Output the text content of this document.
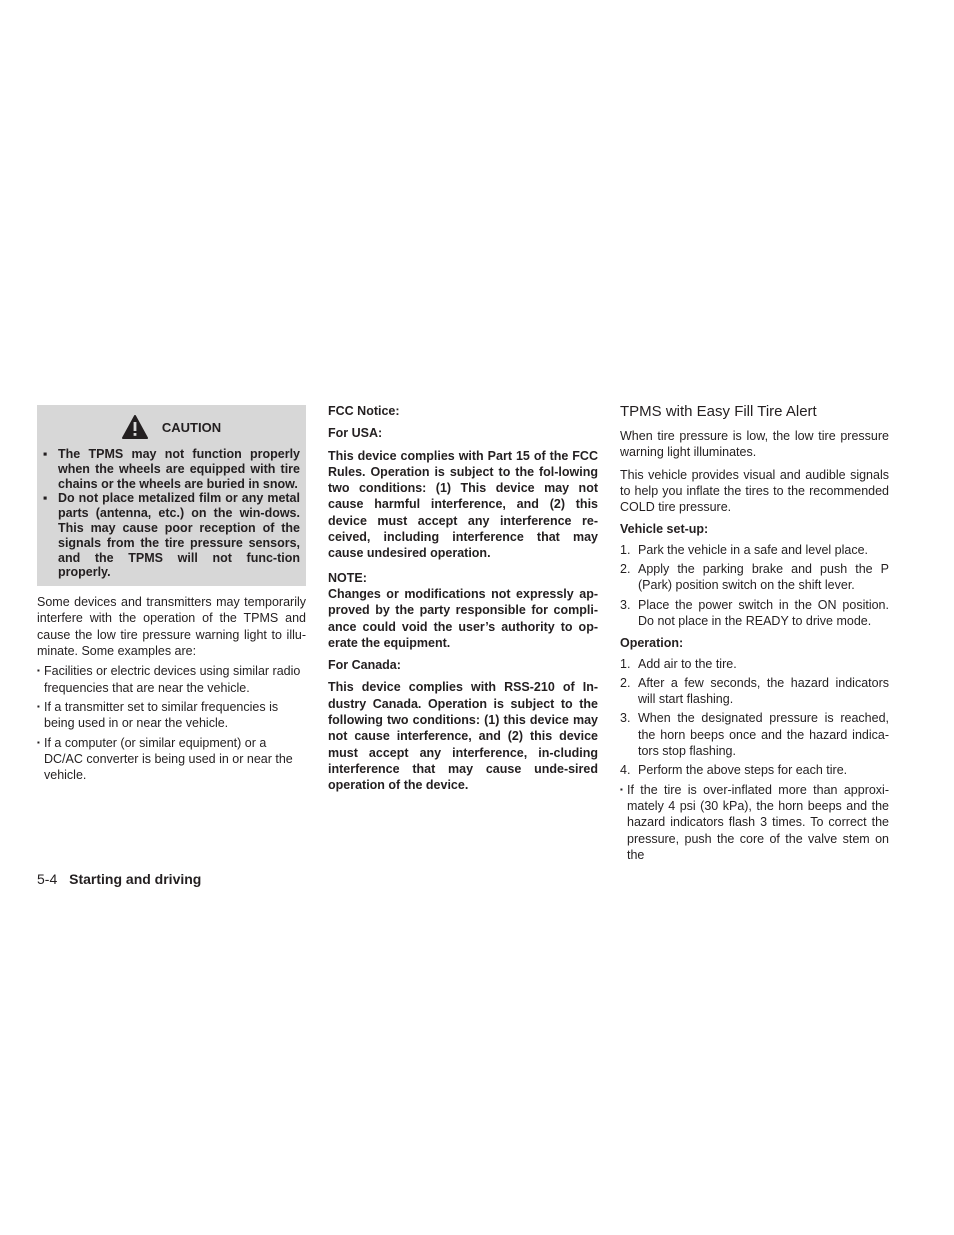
CAUTION
▪ The TPMS may not function properly when the wheels are equipped with tire chains or the wheels are buried in snow.
▪ Do not place metalized film or any metal parts (antenna, etc.) on the win-dows. This may cause poor reception of the signals from the tire pressure sensors, and the TPMS will not func-tion properly.

Some devices and transmitters may temporarily interfere with the operation of the TPMS and cause the low tire pressure warning light to illu-minate. Some examples are:

▪ Facilities or electric devices using similar radio frequencies that are near the vehicle.
▪ If a transmitter set to similar frequencies is being used in or near the vehicle.
▪ If a computer (or similar equipment) or a DC/AC converter is being used in or near the vehicle.

FCC Notice:

For USA:

This device complies with Part 15 of the FCC Rules. Operation is subject to the fol-lowing two conditions: (1) This device may not cause harmful interference, and (2) this device must accept any interference re-ceived, including interference that may cause undesired operation.

NOTE:

Changes or modifications not expressly ap-proved by the party responsible for compli-ance could void the user’s authority to op-erate the equipment.

For Canada:

This device complies with RSS-210 of In-dustry Canada. Operation is subject to the following two conditions: (1) this device may not cause interference, and (2) this device must accept any interference, in-cluding interference that may cause unde-sired operation of the device.

TPMS with Easy Fill Tire Alert

When tire pressure is low, the low tire pressure warning light illuminates.

This vehicle provides visual and audible signals to help you inflate the tires to the recommended COLD tire pressure.

Vehicle set-up:

1. Park the vehicle in a safe and level place.
2. Apply the parking brake and push the P (Park) position switch on the shift lever.
3. Place the power switch in the ON position. Do not place in the READY to drive mode.

Operation:

1. Add air to the tire.
2. After a few seconds, the hazard indicators will start flashing.
3. When the designated pressure is reached, the horn beeps once and the hazard indica-tors stop flashing.
4. Perform the above steps for each tire.
▪ If the tire is over-inflated more than approxi-mately 4 psi (30 kPa), the horn beeps and the hazard indicators flash 3 times. To correct the pressure, push the core of the valve stem on the
5-4 Starting and driving
